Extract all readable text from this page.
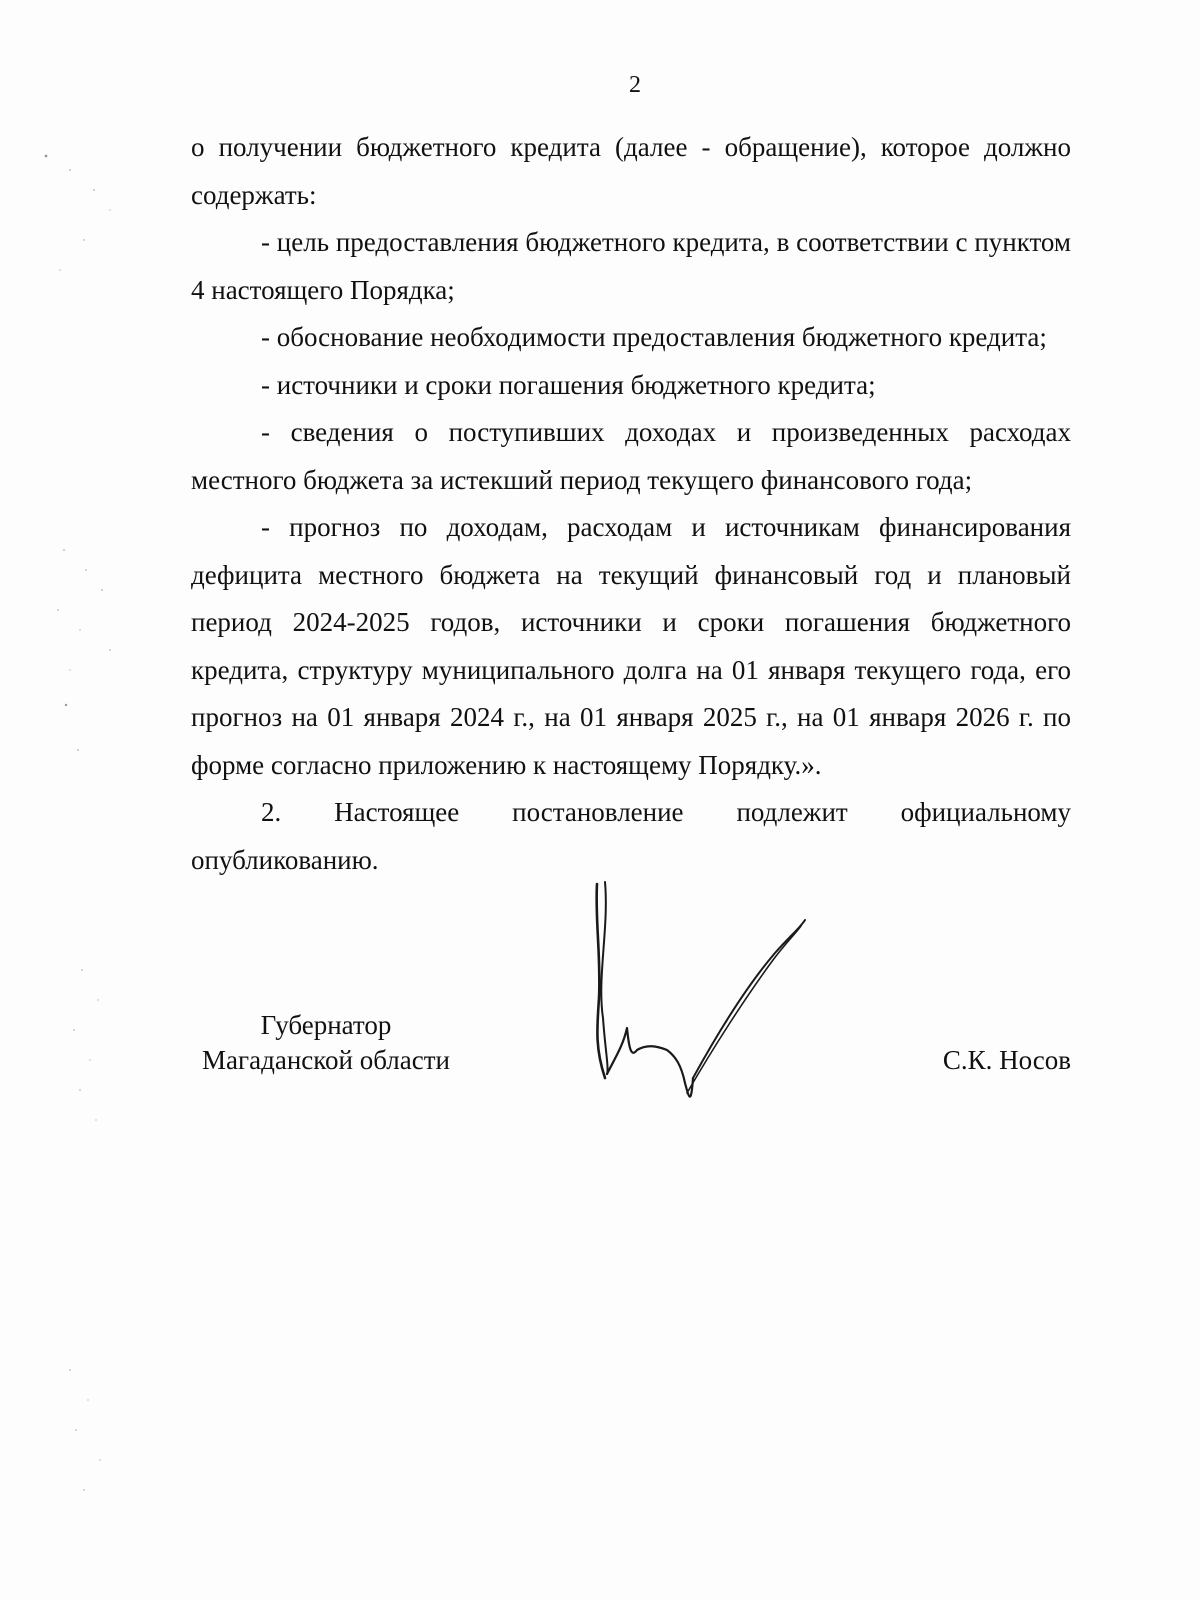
2

о получении бюджетного кредита (далее - обращение), которое должно содержать:

- цель предоставления бюджетного кредита, в соответствии с пунктом 4 настоящего Порядка;

- обоснование необходимости предоставления бюджетного кредита;

- источники и сроки погашения бюджетного кредита;

- сведения о поступивших доходах и произведенных расходах местного бюджета за истекший период текущего финансового года;

- прогноз по доходам, расходам и источникам финансирования дефицита местного бюджета на текущий финансовый год и плановый период 2024-2025 годов, источники и сроки погашения бюджетного кредита, структуру муниципального долга на 01 января текущего года, его прогноз на 01 января 2024 г., на 01 января 2025 г., на 01 января 2026 г. по форме согласно приложению к настоящему Порядку.».

2. Настоящее постановление подлежит официальному опубликованию.

Губернатор
Магаданской области	С.К. Носов
